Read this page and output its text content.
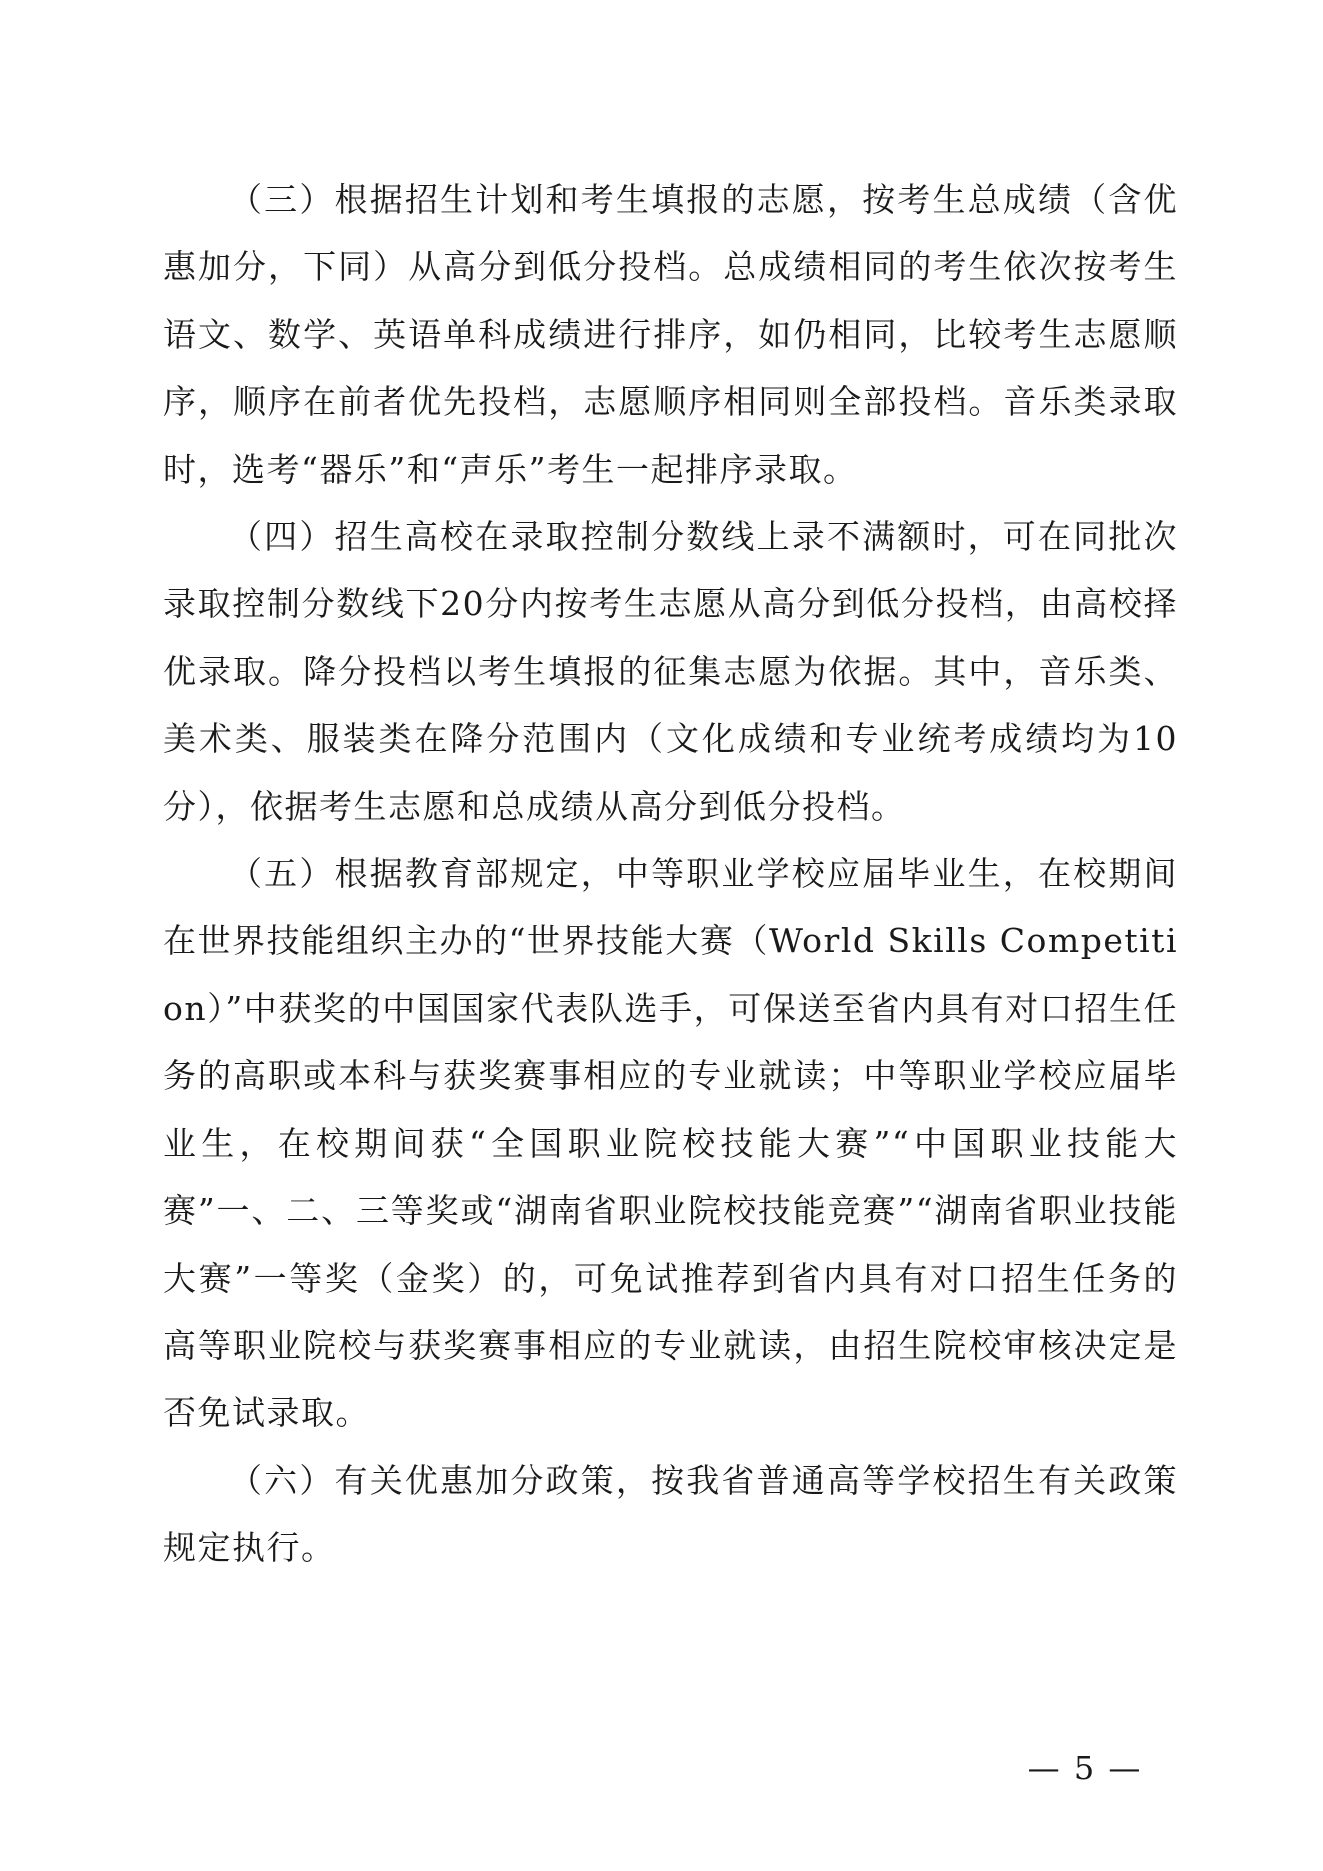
（三）根据招生计划和考生填报的志愿，按考生总成绩（含优惠加分，下同）从高分到低分投档。总成绩相同的考生依次按考生语文、数学、英语单科成绩进行排序，如仍相同，比较考生志愿顺序，顺序在前者优先投档，志愿顺序相同则全部投档。音乐类录取时，选考“器乐”和“声乐”考生一起排序录取。

（四）招生高校在录取控制分数线上录不满额时，可在同批次录取控制分数线下20分内按考生志愿从高分到低分投档，由高校择优录取。降分投档以考生填报的征集志愿为依据。其中，音乐类、美术类、服装类在降分范围内（文化成绩和专业统考成绩均为10分），依据考生志愿和总成绩从高分到低分投档。

（五）根据教育部规定，中等职业学校应届毕业生，在校期间在世界技能组织主办的“世界技能大赛（World Skills Competition）”中获奖的中国国家代表队选手，可保送至省内具有对口招生任务的高职或本科与获奖赛事相应的专业就读；中等职业学校应届毕业生，在校期间获“全国职业院校技能大赛”“中国职业技能大赛”一、二、三等奖或“湖南省职业院校技能竞赛”“湖南省职业技能大赛”一等奖（金奖）的，可免试推荐到省内具有对口招生任务的高等职业院校与获奖赛事相应的专业就读，由招生院校审核决定是否免试录取。

（六）有关优惠加分政策，按我省普通高等学校招生有关政策规定执行。

— 5 —
